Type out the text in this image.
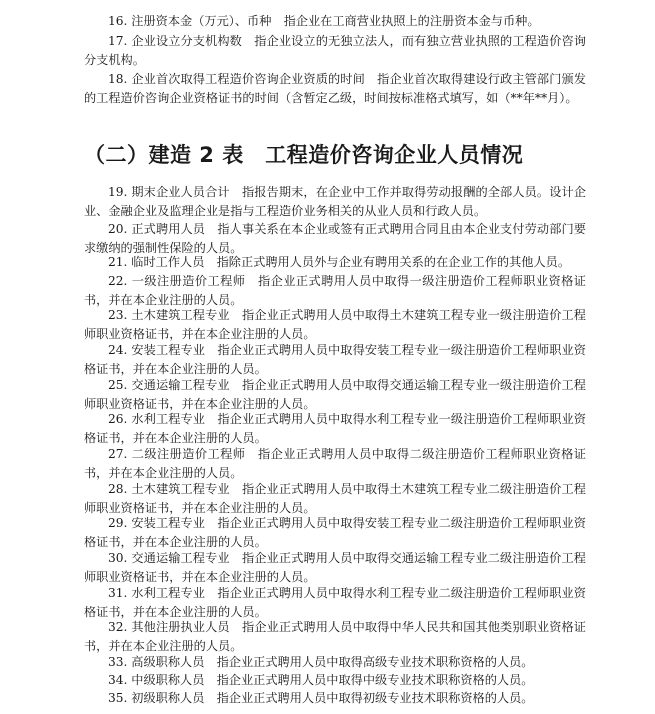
16. 注册资本金（万元）、币种　指企业在工商营业执照上的注册资本金与币种。

17. 企业设立分支机构数　指企业设立的无独立法人，而有独立营业执照的工程造价咨询分支机构。

18. 企业首次取得工程造价咨询企业资质的时间　指企业首次取得建设行政主管部门颁发的工程造价咨询企业资格证书的时间（含暂定乙级，时间按标准格式填写，如（**年**月）。

（二）建造 2 表　工程造价咨询企业人员情况

19. 期末企业人员合计　指报告期末，在企业中工作并取得劳动报酬的全部人员。设计企业、金融企业及监理企业是指与工程造价业务相关的从业人员和行政人员。

20. 正式聘用人员　指人事关系在本企业或签有正式聘用合同且由本企业支付劳动部门要求缴纳的强制性保险的人员。

21. 临时工作人员　指除正式聘用人员外与企业有聘用关系的在企业工作的其他人员。

22. 一级注册造价工程师　指企业正式聘用人员中取得一级注册造价工程师职业资格证书，并在本企业注册的人员。

23. 土木建筑工程专业　指企业正式聘用人员中取得土木建筑工程专业一级注册造价工程师职业资格证书，并在本企业注册的人员。

24. 安装工程专业　指企业正式聘用人员中取得安装工程专业一级注册造价工程师职业资格证书，并在本企业注册的人员。

25. 交通运输工程专业　指企业正式聘用人员中取得交通运输工程专业一级注册造价工程师职业资格证书，并在本企业注册的人员。

26. 水利工程专业　指企业正式聘用人员中取得水利工程专业一级注册造价工程师职业资格证书，并在本企业注册的人员。

27. 二级注册造价工程师　指企业正式聘用人员中取得二级注册造价工程师职业资格证书，并在本企业注册的人员。

28. 土木建筑工程专业　指企业正式聘用人员中取得土木建筑工程专业二级注册造价工程师职业资格证书，并在本企业注册的人员。

29. 安装工程专业　指企业正式聘用人员中取得安装工程专业二级注册造价工程师职业资格证书，并在本企业注册的人员。

30. 交通运输工程专业　指企业正式聘用人员中取得交通运输工程专业二级注册造价工程师职业资格证书，并在本企业注册的人员。

31. 水利工程专业　指企业正式聘用人员中取得水利工程专业二级注册造价工程师职业资格证书，并在本企业注册的人员。

32. 其他注册执业人员　指企业正式聘用人员中取得中华人民共和国其他类别职业资格证书，并在本企业注册的人员。

33. 高级职称人员　指企业正式聘用人员中取得高级专业技术职称资格的人员。

34. 中级职称人员　指企业正式聘用人员中取得中级专业技术职称资格的人员。

35. 初级职称人员　指企业正式聘用人员中取得初级专业技术职称资格的人员。
